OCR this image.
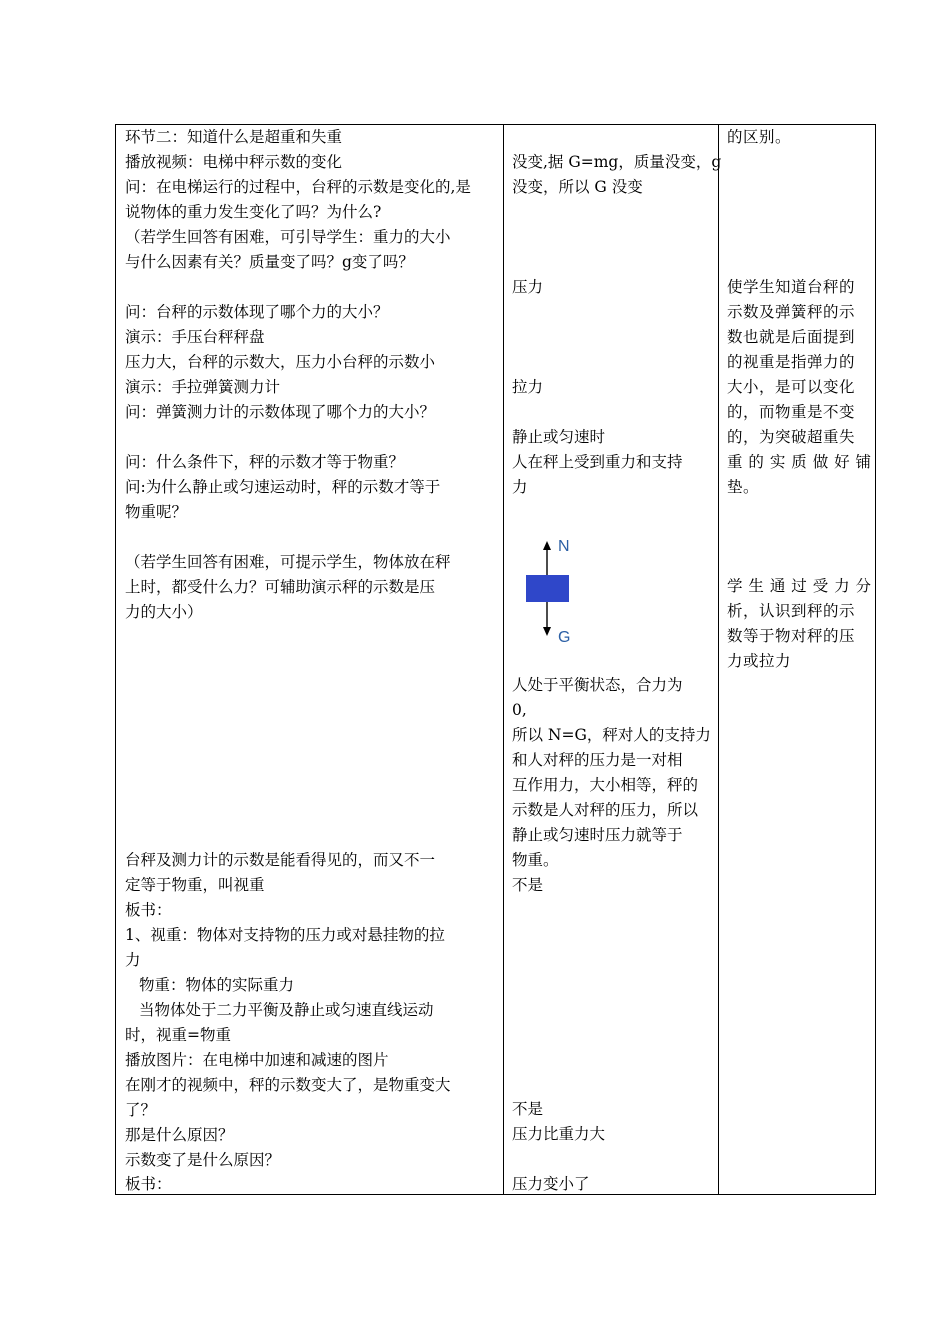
环节二：知道什么是超重和失重
播放视频：电梯中秤示数的变化
问：在电梯运行的过程中，台秤的示数是变化的,是
说物体的重力发生变化了吗？为什么?
（若学生回答有困难，可引导学生：重力的大小
与什么因素有关？质量变了吗？g变了吗？
问：台秤的示数体现了哪个力的大小？
演示：手压台秤秤盘
压力大，台秤的示数大，压力小台秤的示数小
演示：手拉弹簧测力计
问：弹簧测力计的示数体现了哪个力的大小？
问：什么条件下，秤的示数才等于物重？
问:为什么静止或匀速运动时，秤的示数才等于
物重呢？
（若学生回答有困难，可提示学生，物体放在秤
上时，都受什么力？可辅助演示秤的示数是压
力的大小）
台秤及测力计的示数是能看得见的，而又不一
定等于物重，叫视重
板书：
1、视重：物体对支持物的压力或对悬挂物的拉
力
物重：物体的实际重力
当物体处于二力平衡及静止或匀速直线运动
时，视重=物重
播放图片：在电梯中加速和减速的图片
在刚才的视频中，秤的示数变大了，是物重变大
了？
那是什么原因？
示数变了是什么原因？
板书：
没变,据 G=mg，质量没变，g
没变，所以 G 没变
压力
拉力
静止或匀速时
人在秤上受到重力和支持
力
N
G
人处于平衡状态，合力为
0,
所以 N=G，秤对人的支持力
和人对秤的压力是一对相
互作用力，大小相等，秤的
示数是人对秤的压力，所以
静止或匀速时压力就等于
物重。
不是
不是
压力比重力大
压力变小了
的区别。
使学生知道台秤的
示数及弹簧秤的示
数也就是后面提到
的视重是指弹力的
大小，是可以变化
的，而物重是不变
的，为突破超重失
重 的 实 质 做 好 铺
垫。
学 生 通 过 受 力 分
析，认识到秤的示
数等于物对秤的压
力或拉力
